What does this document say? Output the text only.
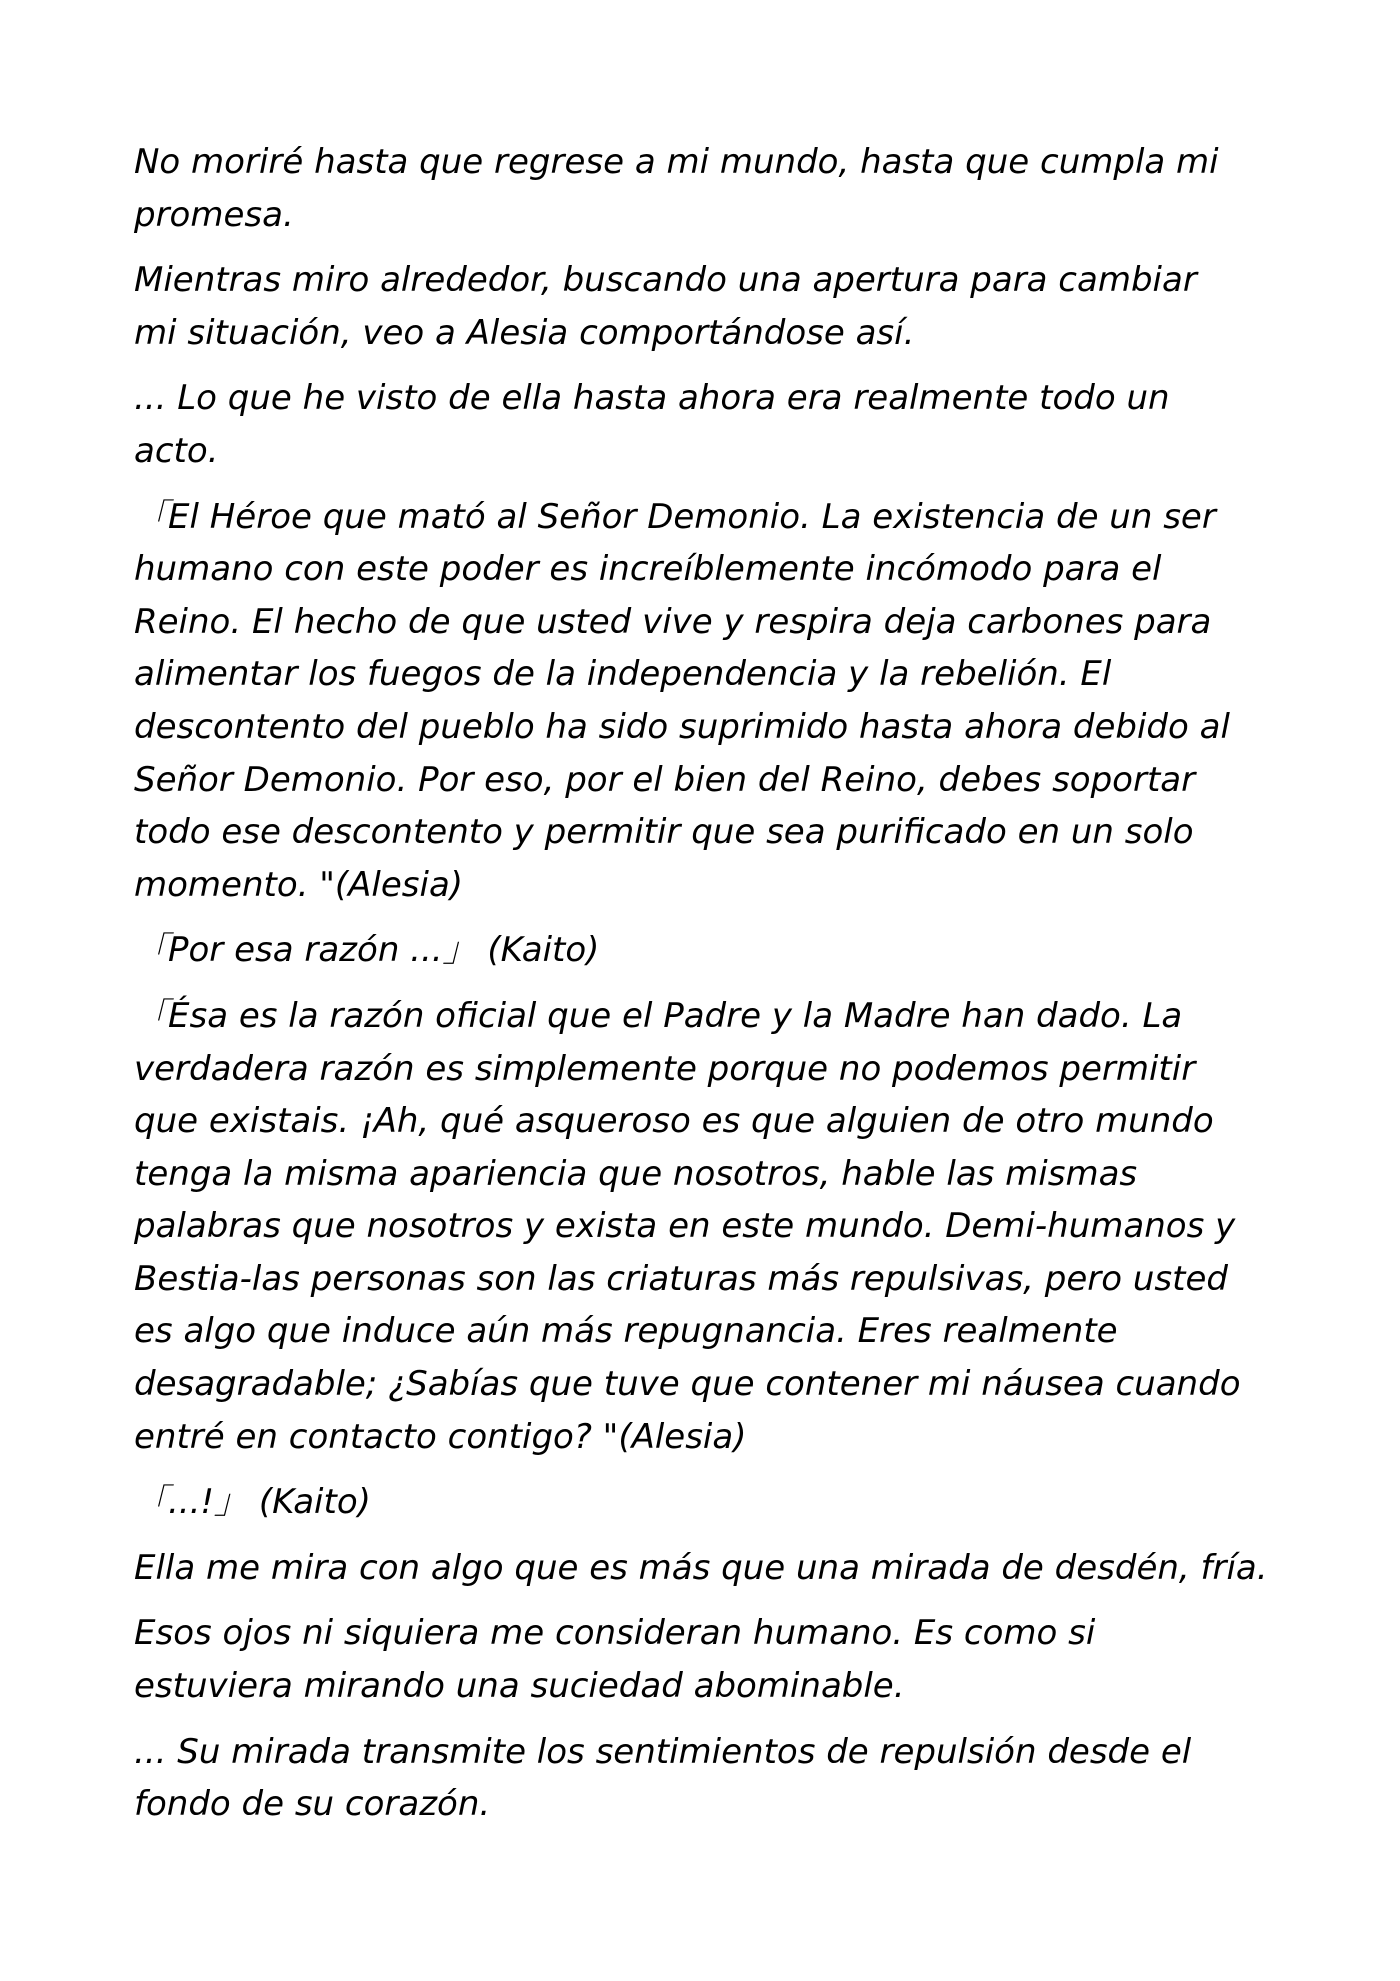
No moriré hasta que regrese a mi mundo, hasta que cumpla mi
promesa.

Mientras miro alrededor, buscando una apertura para cambiar
mi situación, veo a Alesia comportándose así.

... Lo que he visto de ella hasta ahora era realmente todo un
acto.

「El Héroe que mató al Señor Demonio. La existencia de un ser
humano con este poder es increíblemente incómodo para el
Reino. El hecho de que usted vive y respira deja carbones para
alimentar los fuegos de la independencia y la rebelión. El
descontento del pueblo ha sido suprimido hasta ahora debido al
Señor Demonio. Por eso, por el bien del Reino, debes soportar
todo ese descontento y permitir que sea purificado en un solo
momento. "(Alesia)

「Por esa razón ...」 (Kaito)

「Ésa es la razón oficial que el Padre y la Madre han dado. La
verdadera razón es simplemente porque no podemos permitir
que existais. ¡Ah, qué asqueroso es que alguien de otro mundo
tenga la misma apariencia que nosotros, hable las mismas
palabras que nosotros y exista en este mundo. Demi-humanos y
Bestia-las personas son las criaturas más repulsivas, pero usted
es algo que induce aún más repugnancia. Eres realmente
desagradable; ¿Sabías que tuve que contener mi náusea cuando
entré en contacto contigo? "(Alesia)

「...!」 (Kaito)

Ella me mira con algo que es más que una mirada de desdén, fría.

Esos ojos ni siquiera me consideran humano. Es como si
estuviera mirando una suciedad abominable.

... Su mirada transmite los sentimientos de repulsión desde el
fondo de su corazón.
